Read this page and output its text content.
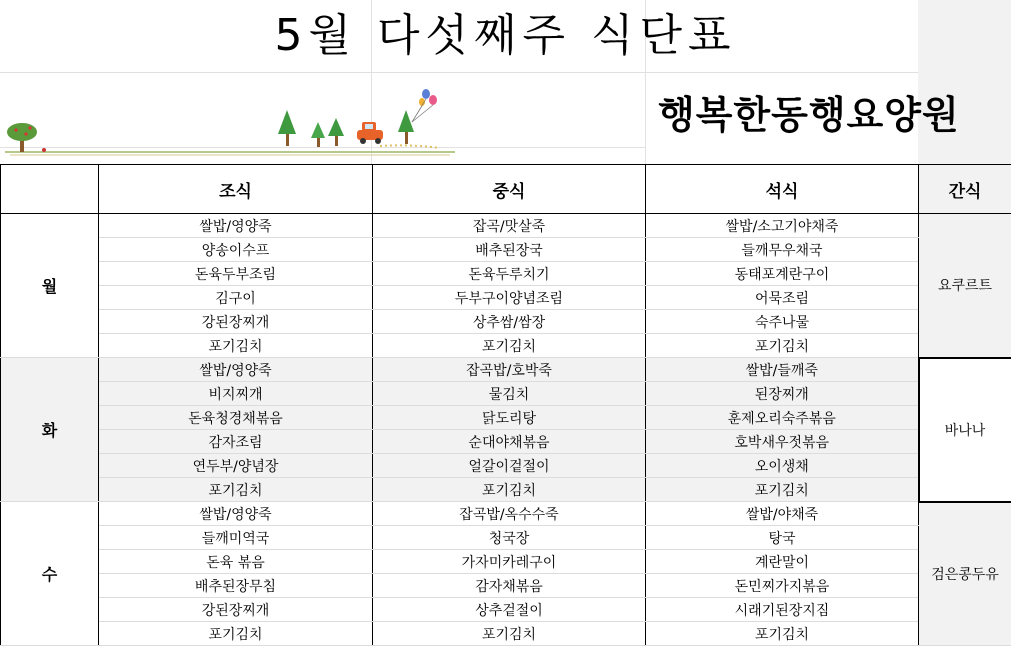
5월 다섯째주 식단표
행복한동행요양원
	조식	중식	석식	간식
월	쌀밥/영양죽	잡곡/맛살죽	쌀밥/소고기야채죽	요쿠르트
	양송이수프	배추된장국	들깨무우채국	
	돈육두부조림	돈육두루치기	동태포계란구이	
	김구이	두부구이양념조림	어묵조림	
	강된장찌개	상추쌈/쌈장	숙주나물	
	포기김치	포기김치	포기김치	
화	쌀밥/영양죽	잡곡밥/호박죽	쌀밥/들깨죽	바나나
	비지찌개	물김치	된장찌개	
	돈육청경채볶음	닭도리탕	훈제오리숙주볶음	
	감자조림	순대야채볶음	호박새우젓볶음	
	연두부/양념장	얼갈이겉절이	오이생채	
	포기김치	포기김치	포기김치	
수	쌀밥/영양죽	잡곡밥/옥수수죽	쌀밥/야채죽	검은콩두유
	들깨미역국	청국장	탕국	
	돈육 볶음	가자미카레구이	계란말이	
	배추된장무침	감자채볶음	돈민찌가지볶음	
	강된장찌개	상추겉절이	시래기된장지짐	
	포기김치	포기김치	포기김치	
